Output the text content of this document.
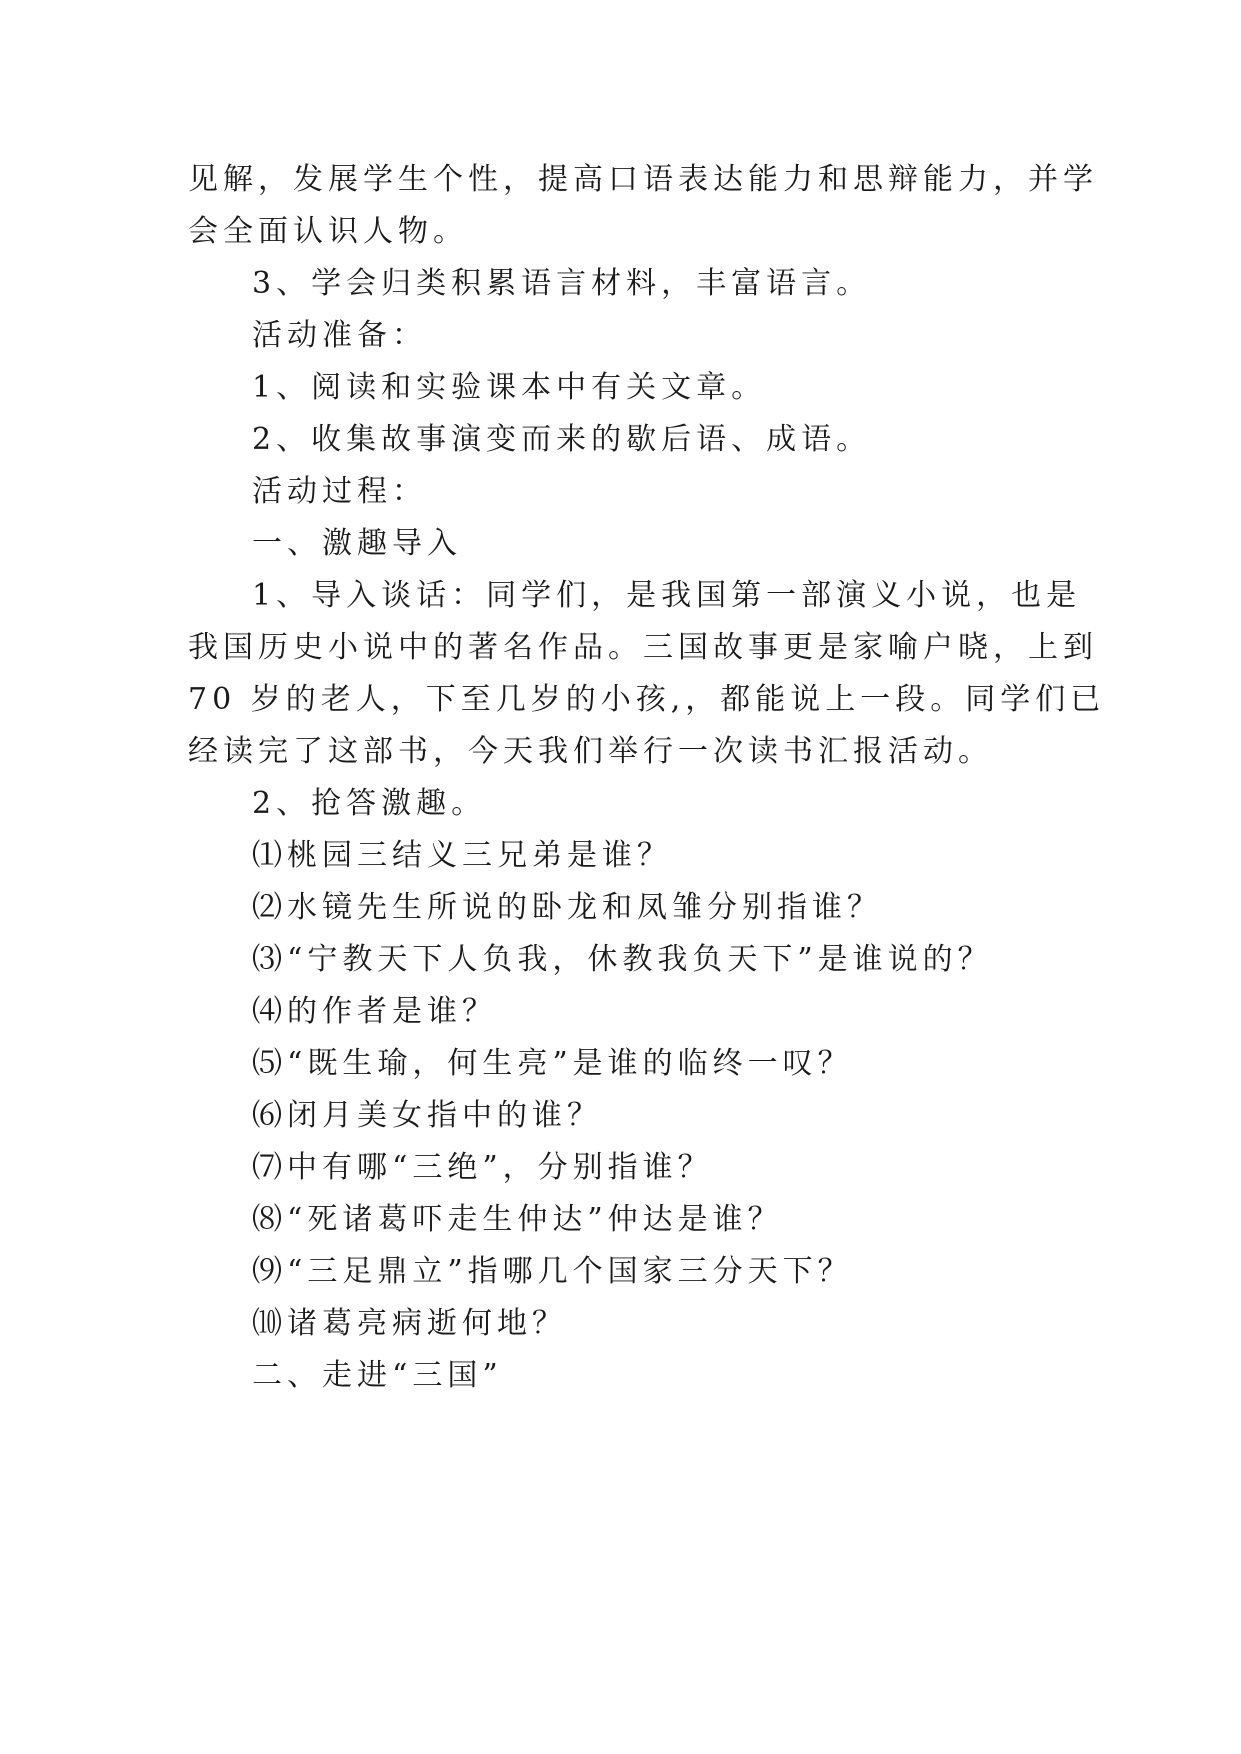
见解，发展学生个性，提高口语表达能力和思辩能力，并学
会全面认识人物。
3、学会归类积累语言材料，丰富语言。
活动准备：
1、阅读和实验课本中有关文章。
2、收集故事演变而来的歇后语、成语。
活动过程：
一、激趣导入
1、导入谈话：同学们，是我国第一部演义小说，也是
我国历史小说中的著名作品。三国故事更是家喻户晓，上到
70 岁的老人，下至几岁的小孩,，都能说上一段。同学们已
经读完了这部书，今天我们举行一次读书汇报活动。
2、抢答激趣。
⑴桃园三结义三兄弟是谁？
⑵水镜先生所说的卧龙和凤雏分别指谁？
⑶“宁教天下人负我，休教我负天下”是谁说的？
⑷的作者是谁？
⑸“既生瑜，何生亮”是谁的临终一叹？
⑹闭月美女指中的谁？
⑺中有哪“三绝”，分别指谁？
⑻“死诸葛吓走生仲达”仲达是谁？
⑼“三足鼎立”指哪几个国家三分天下？
⑽诸葛亮病逝何地？
二、走进“三国”
